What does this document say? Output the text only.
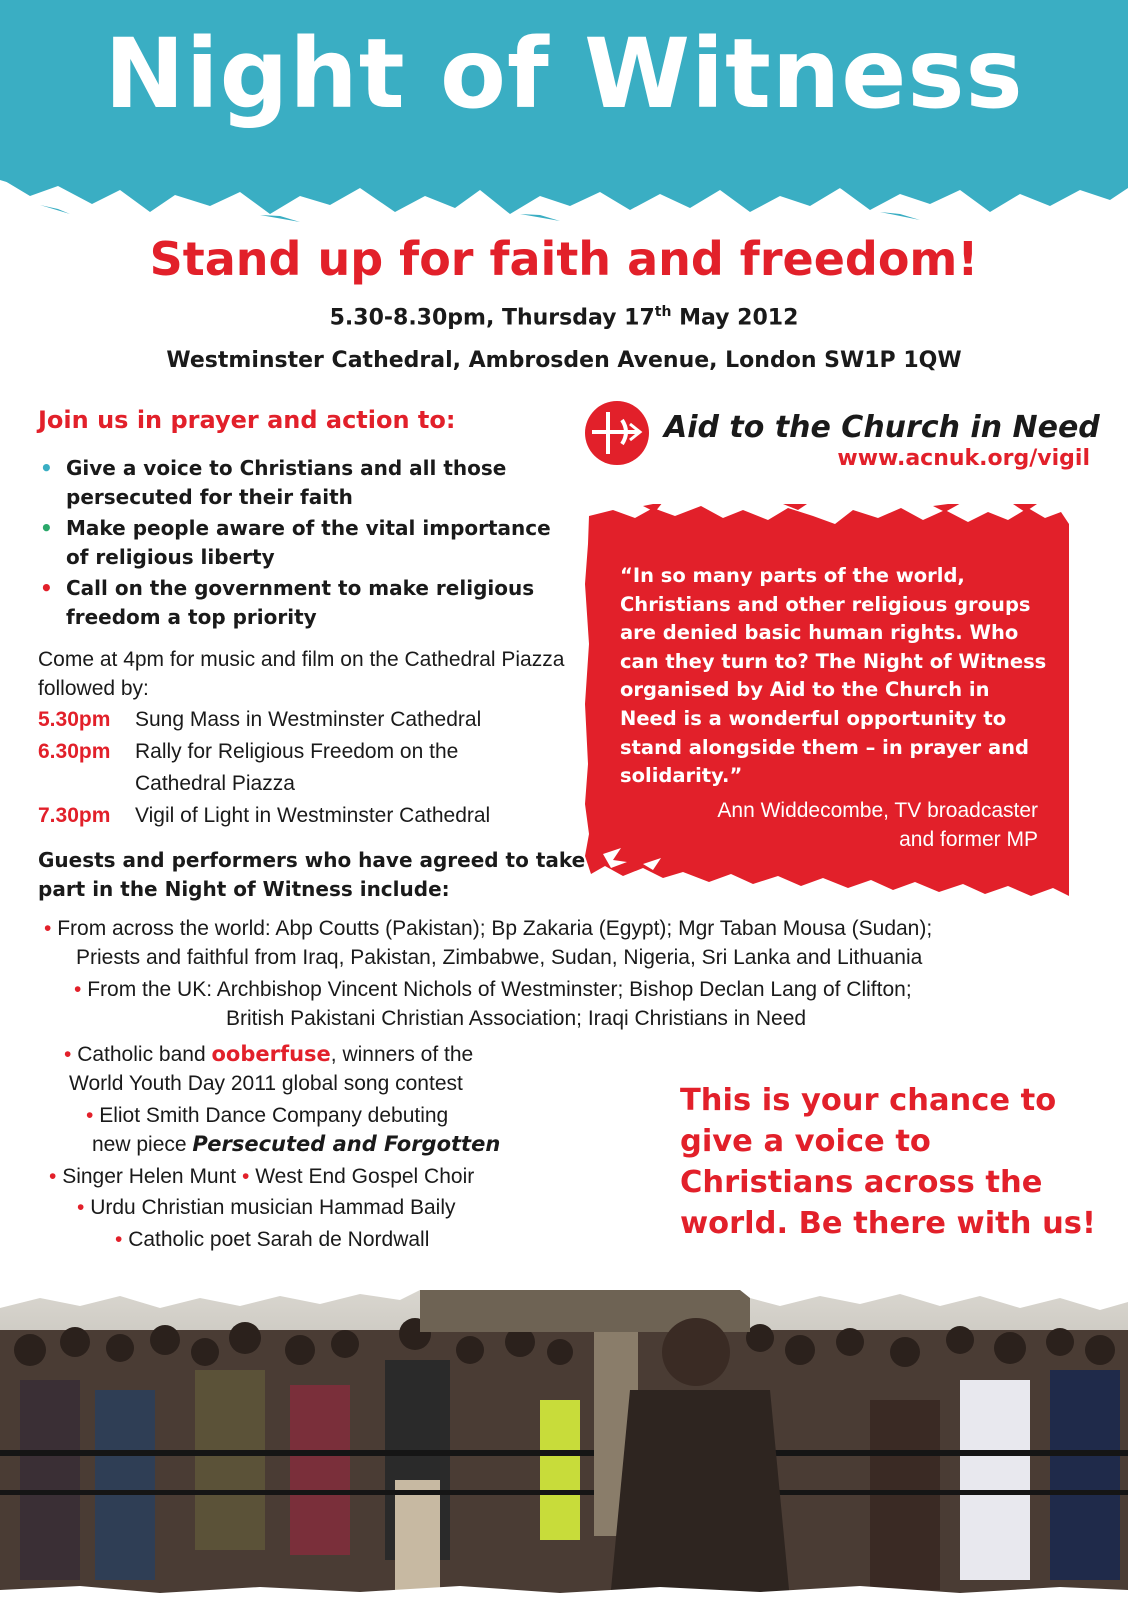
Night of Witness
Stand up for faith and freedom!
5.30-8.30pm, Thursday 17th May 2012
Westminster Cathedral, Ambrosden Avenue, London SW1P 1QW
Join us in prayer and action to:
• Give a voice to Christians and all those persecuted for their faith
• Make people aware of the vital importance of religious liberty
• Call on the government to make religious freedom a top priority
Come at 4pm for music and film on the Cathedral Piazza followed by:
5.30pm Sung Mass in Westminster Cathedral
6.30pm Rally for Religious Freedom on the Cathedral Piazza
7.30pm Vigil of Light in Westminster Cathedral
Guests and performers who have agreed to take part in the Night of Witness include:
Aid to the Church in Need
www.acnuk.org/vigil
“In so many parts of the world, Christians and other religious groups are denied basic human rights. Who can they turn to? The Night of Witness organised by Aid to the Church in Need is a wonderful opportunity to stand alongside them – in prayer and solidarity.”
Ann Widdecombe, TV broadcaster and former MP
• From across the world: Abp Coutts (Pakistan); Bp Zakaria (Egypt); Mgr Taban Mousa (Sudan);
Priests and faithful from Iraq, Pakistan, Zimbabwe, Sudan, Nigeria, Sri Lanka and Lithuania
• From the UK: Archbishop Vincent Nichols of Westminster; Bishop Declan Lang of Clifton;
British Pakistani Christian Association; Iraqi Christians in Need
• Catholic band ooberfuse, winners of the
World Youth Day 2011 global song contest
• Eliot Smith Dance Company debuting
new piece Persecuted and Forgotten
• Singer Helen Munt • West End Gospel Choir
• Urdu Christian musician Hammad Baily
• Catholic poet Sarah de Nordwall
This is your chance to give a voice to Christians across the world. Be there with us!
